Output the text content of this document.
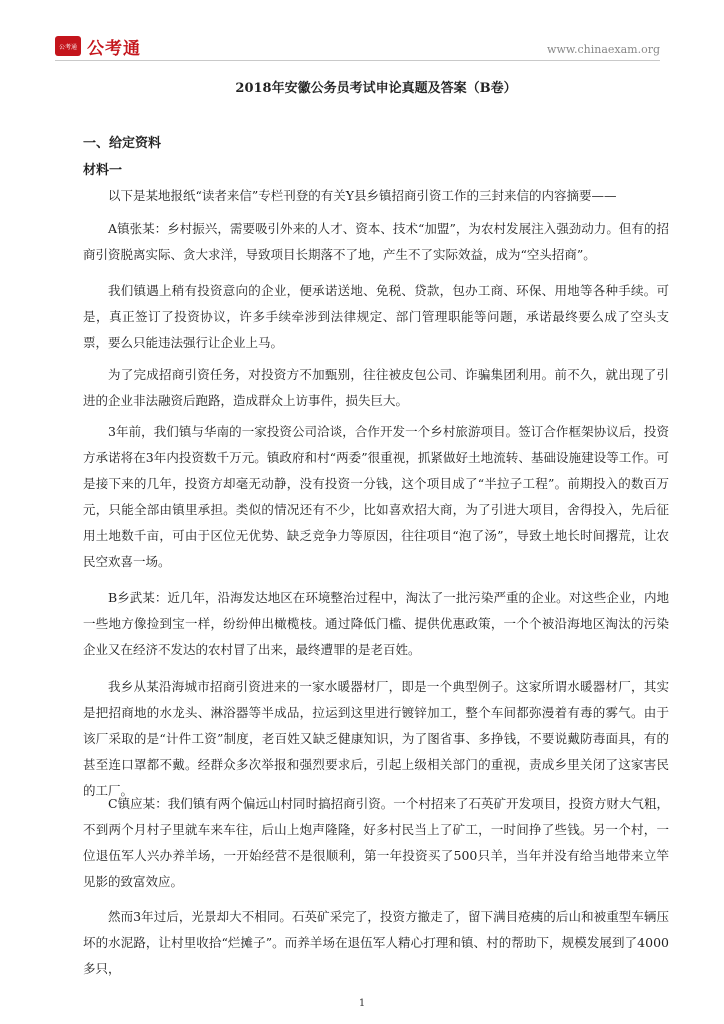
公考通 公考通	www.chinaexam.org
2018年安徽公务员考试申论真题及答案（B卷）
一、给定资料
材料一

以下是某地报纸“读者来信”专栏刊登的有关Y县乡镇招商引资工作的三封来信的内容摘要——

A镇张某：乡村振兴，需要吸引外来的人才、资本、技术“加盟”，为农村发展注入强劲动力。但有的招商引资脱离实际、贪大求洋，导致项目长期落不了地，产生不了实际效益，成为“空头招商”。

我们镇遇上稍有投资意向的企业，便承诺送地、免税、贷款，包办工商、环保、用地等各种手续。可是，真正签订了投资协议，许多手续牵涉到法律规定、部门管理职能等问题，承诺最终要么成了空头支票，要么只能违法强行让企业上马。

为了完成招商引资任务，对投资方不加甄别，往往被皮包公司、诈骗集团利用。前不久，就出现了引进的企业非法融资后跑路，造成群众上访事件，损失巨大。

3年前，我们镇与华南的一家投资公司洽谈，合作开发一个乡村旅游项目。签订合作框架协议后，投资方承诺将在3年内投资数千万元。镇政府和村“两委”很重视，抓紧做好土地流转、基础设施建设等工作。可是接下来的几年，投资方却毫无动静，没有投资一分钱，这个项目成了“半拉子工程”。前期投入的数百万元，只能全部由镇里承担。类似的情况还有不少，比如喜欢招大商，为了引进大项目，舍得投入，先后征用土地数千亩，可由于区位无优势、缺乏竞争力等原因，往往项目“泡了汤”，导致土地长时间撂荒，让农民空欢喜一场。

B乡武某：近几年，沿海发达地区在环境整治过程中，淘汰了一批污染严重的企业。对这些企业，内地一些地方像捡到宝一样，纷纷伸出橄榄枝。通过降低门槛、提供优惠政策，一个个被沿海地区淘汰的污染企业又在经济不发达的农村冒了出来，最终遭罪的是老百姓。

我乡从某沿海城市招商引资进来的一家水暖器材厂，即是一个典型例子。这家所谓水暖器材厂，其实是把招商地的水龙头、淋浴器等半成品，拉运到这里进行镀锌加工，整个车间都弥漫着有毒的雾气。由于该厂采取的是“计件工资”制度，老百姓又缺乏健康知识，为了图省事、多挣钱，不要说戴防毒面具，有的甚至连口罩都不戴。经群众多次举报和强烈要求后，引起上级相关部门的重视，责成乡里关闭了这家害民的工厂。

C镇应某：我们镇有两个偏远山村同时搞招商引资。一个村招来了石英矿开发项目，投资方财大气粗，不到两个月村子里就车来车往，后山上炮声隆隆，好多村民当上了矿工，一时间挣了些钱。另一个村，一位退伍军人兴办养羊场，一开始经营不是很顺利，第一年投资买了500只羊，当年并没有给当地带来立竿见影的致富效应。

然而3年过后，光景却大不相同。石英矿采完了，投资方撤走了，留下满目疮痍的后山和被重型车辆压坏的水泥路，让村里收拾“烂摊子”。而养羊场在退伍军人精心打理和镇、村的帮助下，规模发展到了4000多只，

1
